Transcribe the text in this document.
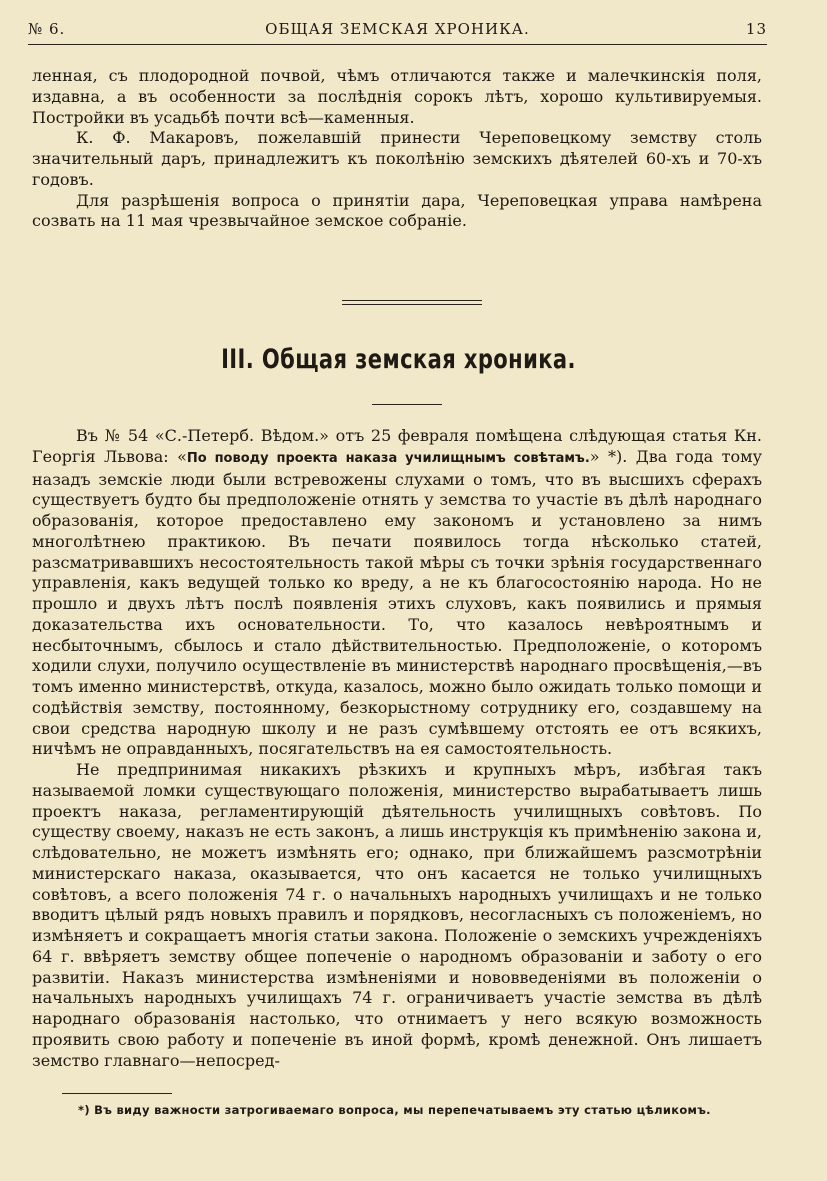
№ 6.	ОБЩАЯ ЗЕМСКАЯ ХРОНИКА.	13

ленная, съ плодородной почвой, чѣмъ отличаются также и малечкинскія поля, издавна, а въ особенности за послѣднія сорокъ лѣтъ, хорошо культивируемыя. Постройки въ усадьбѣ почти всѣ—каменныя.

К. Ф. Макаровъ, пожелавшій принести Череповецкому земству столь значительный даръ, принадлежитъ къ поколѣнію земскихъ дѣятелей 60-хъ и 70-хъ годовъ.

Для разрѣшенія вопроса о принятіи дара, Череповецкая управа намѣрена созвать на 11 мая чрезвычайное земское собраніе.

III. Общая земская хроника.

Въ № 54 «С.-Петерб. Вѣдом.» отъ 25 февраля помѣщена слѣдующая статья Кн. Георгія Львова: «По поводу проекта наказа училищнымъ совѣтамъ.» *). Два года тому назадъ земскіе люди были встревожены слухами о томъ, что въ высшихъ сферахъ существуетъ будто бы предположеніе отнять у земства то участіе въ дѣлѣ народнаго образованія, которое предоставлено ему закономъ и установлено за нимъ многолѣтнею практикою. Въ печати появилось тогда нѣсколько статей, разсматривавшихъ несостоятельность такой мѣры съ точки зрѣнія государственнаго управленія, какъ ведущей только ко вреду, а не къ благосостоянію народа. Но не прошло и двухъ лѣтъ послѣ появленія этихъ слуховъ, какъ появились и прямыя доказательства ихъ основательности. То, что казалось невѣроятнымъ и несбыточнымъ, сбылось и стало дѣйствительностью. Предположеніе, о которомъ ходили слухи, получило осуществленіе въ министерствѣ народнаго просвѣщенія,—въ томъ именно министерствѣ, откуда, казалось, можно было ожидать только помощи и содѣйствія земству, постоянному, безкорыстному сотруднику его, создавшему на свои средства народную школу и не разъ сумѣвшему отстоять ее отъ всякихъ, ничѣмъ не оправданныхъ, посягательствъ на ея самостоятельность.

Не предпринимая никакихъ рѣзкихъ и крупныхъ мѣръ, избѣгая такъ называемой ломки существующаго положенія, министерство вырабатываетъ лишь проектъ наказа, регламентирующій дѣятельность училищныхъ совѣтовъ. По существу своему, наказъ не есть законъ, а лишь инструкція къ примѣненію закона и, слѣдовательно, не можетъ измѣнять его; однако, при ближайшемъ разсмотрѣніи министерскаго наказа, оказывается, что онъ касается не только училищныхъ совѣтовъ, а всего положенія 74 г. о начальныхъ народныхъ училищахъ и не только вводитъ цѣлый рядъ новыхъ правилъ и порядковъ, несогласныхъ съ положеніемъ, но измѣняетъ и сокращаетъ многія статьи закона. Положеніе о земскихъ учрежденіяхъ 64 г. ввѣряетъ земству общее попеченіе о народномъ образованіи и заботу о его развитіи. Наказъ министерства измѣненіями и нововведеніями въ положеніи о начальныхъ народныхъ училищахъ 74 г. ограничиваетъ участіе земства въ дѣлѣ народнаго образованія настолько, что отнимаетъ у него всякую возможность проявить свою работу и попеченіе въ иной формѣ, кромѣ денежной. Онъ лишаетъ земство главнаго—непосред-

*) Въ виду важности затрогиваемаго вопроса, мы перепечатываемъ эту статью цѣликомъ.
